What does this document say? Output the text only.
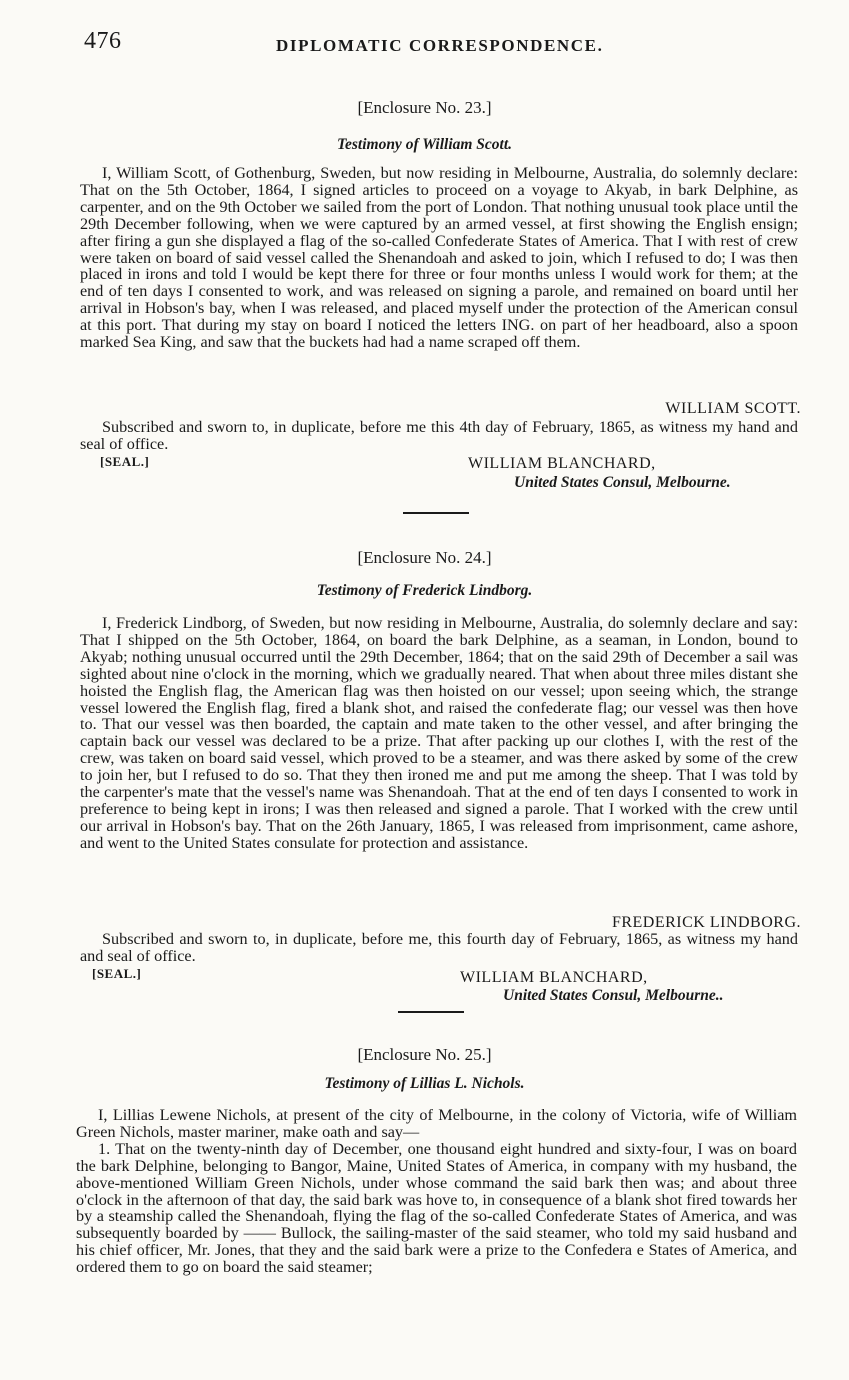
476	DIPLOMATIC CORRESPONDENCE.
[Enclosure No. 23.]
Testimony of William Scott.

I, William Scott, of Gothenburg, Sweden, but now residing in Melbourne, Australia, do solemnly declare: That on the 5th October, 1864, I signed articles to proceed on a voyage to Akyab, in bark Delphine, as carpenter, and on the 9th October we sailed from the port of London. That nothing unusual took place until the 29th December following, when we were captured by an armed vessel, at first showing the English ensign; after firing a gun she displayed a flag of the so-called Confederate States of America. That I with rest of crew were taken on board of said vessel called the Shenandoah and asked to join, which I refused to do; I was then placed in irons and told I would be kept there for three or four months unless I would work for them; at the end of ten days I consented to work, and was released on signing a parole, and remained on board until her arrival in Hobson's bay, when I was released, and placed myself under the protection of the American consul at this port. That during my stay on board I noticed the letters ING. on part of her headboard, also a spoon marked Sea King, and saw that the buckets had had a name scraped off them.

WILLIAM SCOTT.

Subscribed and sworn to, in duplicate, before me this 4th day of February, 1865, as witness my hand and seal of office.

[SEAL.]	WILLIAM BLANCHARD,
United States Consul, Melbourne.
[Enclosure No. 24.]
Testimony of Frederick Lindborg.

I, Frederick Lindborg, of Sweden, but now residing in Melbourne, Australia, do solemnly declare and say: That I shipped on the 5th October, 1864, on board the bark Delphine, as a seaman, in London, bound to Akyab; nothing unusual occurred until the 29th December, 1864; that on the said 29th of December a sail was sighted about nine o'clock in the morning, which we gradually neared. That when about three miles distant she hoisted the English flag, the American flag was then hoisted on our vessel; upon seeing which, the strange vessel lowered the English flag, fired a blank shot, and raised the confederate flag; our vessel was then hove to. That our vessel was then boarded, the captain and mate taken to the other vessel, and after bringing the captain back our vessel was declared to be a prize. That after packing up our clothes I, with the rest of the crew, was taken on board said vessel, which proved to be a steamer, and was there asked by some of the crew to join her, but I refused to do so. That they then ironed me and put me among the sheep. That I was told by the carpenter's mate that the vessel's name was Shenandoah. That at the end of ten days I consented to work in preference to being kept in irons; I was then released and signed a parole. That I worked with the crew until our arrival in Hobson's bay. That on the 26th January, 1865, I was released from imprisonment, came ashore, and went to the United States consulate for protection and assistance.

FREDERICK LINDBORG.

Subscribed and sworn to, in duplicate, before me, this fourth day of February, 1865, as witness my hand and seal of office.

[SEAL.]	WILLIAM BLANCHARD,
United States Consul, Melbourne..
[Enclosure No. 25.]
Testimony of Lillias L. Nichols.

I, Lillias Lewene Nichols, at present of the city of Melbourne, in the colony of Victoria, wife of William Green Nichols, master mariner, make oath and say—

1. That on the twenty-ninth day of December, one thousand eight hundred and sixty-four, I was on board the bark Delphine, belonging to Bangor, Maine, United States of America, in company with my husband, the above-mentioned William Green Nichols, under whose command the said bark then was; and about three o'clock in the afternoon of that day, the said bark was hove to, in consequence of a blank shot fired towards her by a steamship called the Shenandoah, flying the flag of the so-called Confederate States of America, and was subsequently boarded by —— Bullock, the sailing-master of the said steamer, who told my said husband and his chief officer, Mr. Jones, that they and the said bark were a prize to the Confedera e States of America, and ordered them to go on board the said steamer;
